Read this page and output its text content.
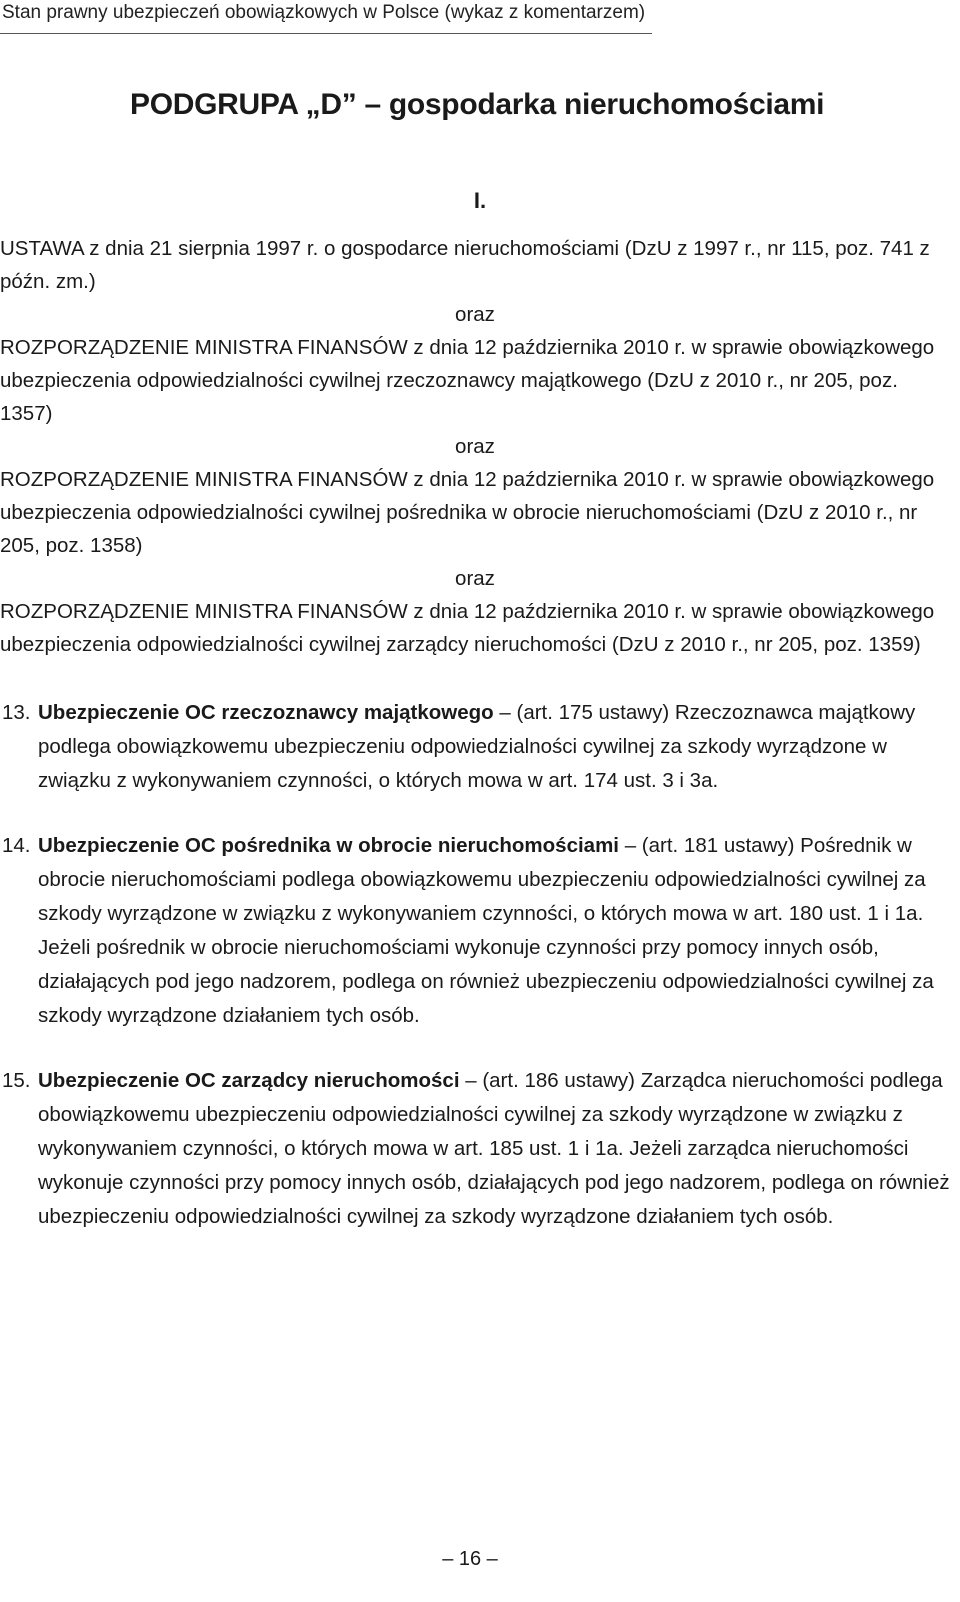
Stan prawny ubezpieczeń obowiązkowych w Polsce (wykaz z komentarzem)
PODGRUPA „D” – gospodarka nieruchomościami
I.

USTAWA z dnia 21 sierpnia 1997 r. o gospodarce nieruchomościami (DzU z 1997 r., nr 115, poz. 741 z późn. zm.)

oraz

ROZPORZĄDZENIE MINISTRA FINANSÓW z dnia 12 października 2010 r. w sprawie obowiązkowego ubezpieczenia odpowiedzialności cywilnej rzeczoznawcy majątkowego (DzU z 2010 r., nr 205, poz. 1357)

oraz

ROZPORZĄDZENIE MINISTRA FINANSÓW z dnia 12 października 2010 r. w sprawie obowiązkowego ubezpieczenia odpowiedzialności cywilnej pośrednika w obrocie nieruchomościami (DzU z 2010 r., nr 205, poz. 1358)

oraz

ROZPORZĄDZENIE MINISTRA FINANSÓW z dnia 12 października 2010 r. w sprawie obowiązkowego ubezpieczenia odpowiedzialności cywilnej zarządcy nieruchomości (DzU z 2010 r., nr 205, poz. 1359)

13. Ubezpieczenie OC rzeczoznawcy majątkowego – (art. 175 ustawy) Rzeczoznawca majątkowy podlega obowiązkowemu ubezpieczeniu odpowiedzialności cywilnej za szkody wyrządzone w związku z wykonywaniem czynności, o których mowa w art. 174 ust. 3 i 3a.

14. Ubezpieczenie OC pośrednika w obrocie nieruchomościami – (art. 181 ustawy) Pośrednik w obrocie nieruchomościami podlega obowiązkowemu ubezpieczeniu odpowiedzialności cywilnej za szkody wyrządzone w związku z wykonywaniem czynności, o których mowa w art. 180 ust. 1 i 1a. Jeżeli pośrednik w obrocie nieruchomościami wykonuje czynności przy pomocy innych osób, działających pod jego nadzorem, podlega on również ubezpieczeniu odpowiedzialności cywilnej za szkody wyrządzone działaniem tych osób.

15. Ubezpieczenie OC zarządcy nieruchomości – (art. 186 ustawy) Zarządca nieruchomości podlega obowiązkowemu ubezpieczeniu odpowiedzialności cywilnej za szkody wyrządzone w związku z wykonywaniem czynności, o których mowa w art. 185 ust. 1 i 1a. Jeżeli zarządca nieruchomości wykonuje czynności przy pomocy innych osób, działających pod jego nadzorem, podlega on również ubezpieczeniu odpowiedzialności cywilnej za szkody wyrządzone działaniem tych osób.

– 16 –
